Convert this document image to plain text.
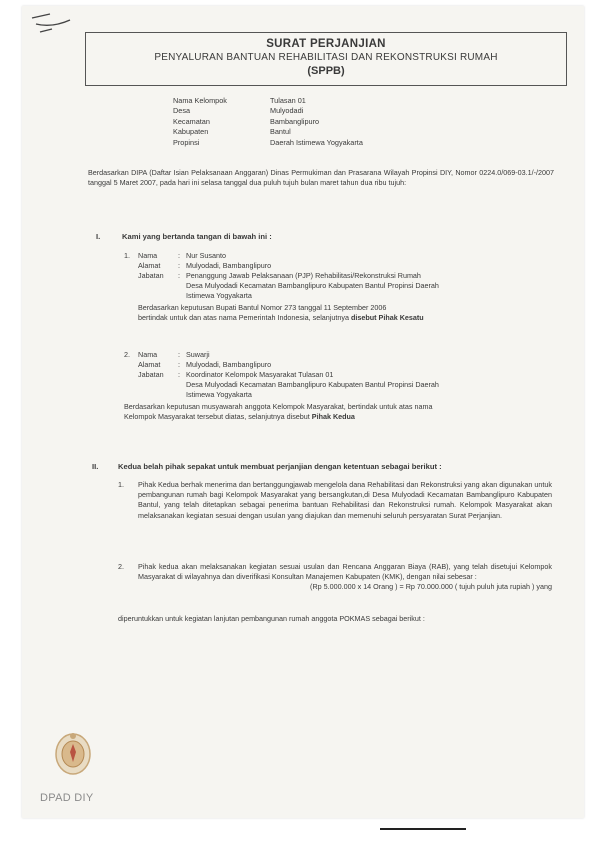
SURAT PERJANJIAN
PENYALURAN BANTUAN REHABILITASI DAN REKONSTRUKSI RUMAH
(SPPB)
Nama Kelompok	Tulasan 01
Desa	Mulyodadi
Kecamatan	Bambanglipuro
Kabupaten	Bantul
Propinsi	Daerah Istimewa Yogyakarta
Berdasarkan DIPA (Daftar Isian Pelaksanaan Anggaran) Dinas Permukiman dan Prasarana Wilayah Propinsi DIY, Nomor 0224.0/069-03.1/-/2007 tanggal 5 Maret 2007, pada hari ini selasa tanggal dua puluh tujuh bulan maret tahun dua ribu tujuh:
I.	Kami yang bertanda tangan di bawah ini :
1.	Nama	: Nur Susanto
Alamat	: Mulyodadi, Bambanglipuro
Jabatan	: Penanggung Jawab Pelaksanaan (PJP) Rehabilitasi/Rekonstruksi Rumah
Desa Mulyodadi Kecamatan Bambanglipuro Kabupaten Bantul Propinsi Daerah
Istimewa Yogyakarta
Berdasarkan keputusan Bupati Bantul Nomor 273 tanggal 11 September 2006
bertindak untuk dan atas nama Pemerintah Indonesia, selanjutnya disebut Pihak Kesatu
2.	Nama	: Suwarji
Alamat	: Mulyodadi, Bambanglipuro
Jabatan	: Koordinator Kelompok Masyarakat Tulasan 01
Desa Mulyodadi Kecamatan Bambanglipuro Kabupaten Bantul Propinsi Daerah
Istimewa Yogyakarta
Berdasarkan keputusan musyawarah anggota Kelompok Masyarakat, bertindak untuk atas nama
Kelompok Masyarakat tersebut diatas, selanjutnya disebut Pihak Kedua
II.	Kedua belah pihak sepakat untuk membuat perjanjian dengan ketentuan sebagai berikut :
1.	Pihak Kedua berhak menerima dan bertanggungjawab mengelola dana Rehabilitasi dan Rekonstruksi yang akan digunakan untuk pembangunan rumah bagi Kelompok Masyarakat yang bersangkutan,di Desa Mulyodadi Kecamatan Bambanglipuro Kabupaten Bantul, yang telah ditetapkan sebagai penerima bantuan Rehabilitasi dan Rekonstruksi rumah. Kelompok Masyarakat akan melaksanakan kegiatan sesuai dengan usulan yang diajukan dan memenuhi seluruh persyaratan Surat Perjanjian.
2.	Pihak kedua akan melaksanakan kegiatan sesuai usulan dan Rencana Anggaran Biaya (RAB), yang telah disetujui Kelompok Masyarakat di wilayahnya dan diverifikasi Konsultan Manajemen Kabupaten (KMK), dengan nilai sebesar :

(Rp 5.000.000 x 14 Orang ) = Rp 70.000.000 ( tujuh puluh juta rupiah ) yang
diperuntukkan untuk kegiatan lanjutan pembangunan rumah anggota POKMAS sebagai berikut :
DPAD DIY
